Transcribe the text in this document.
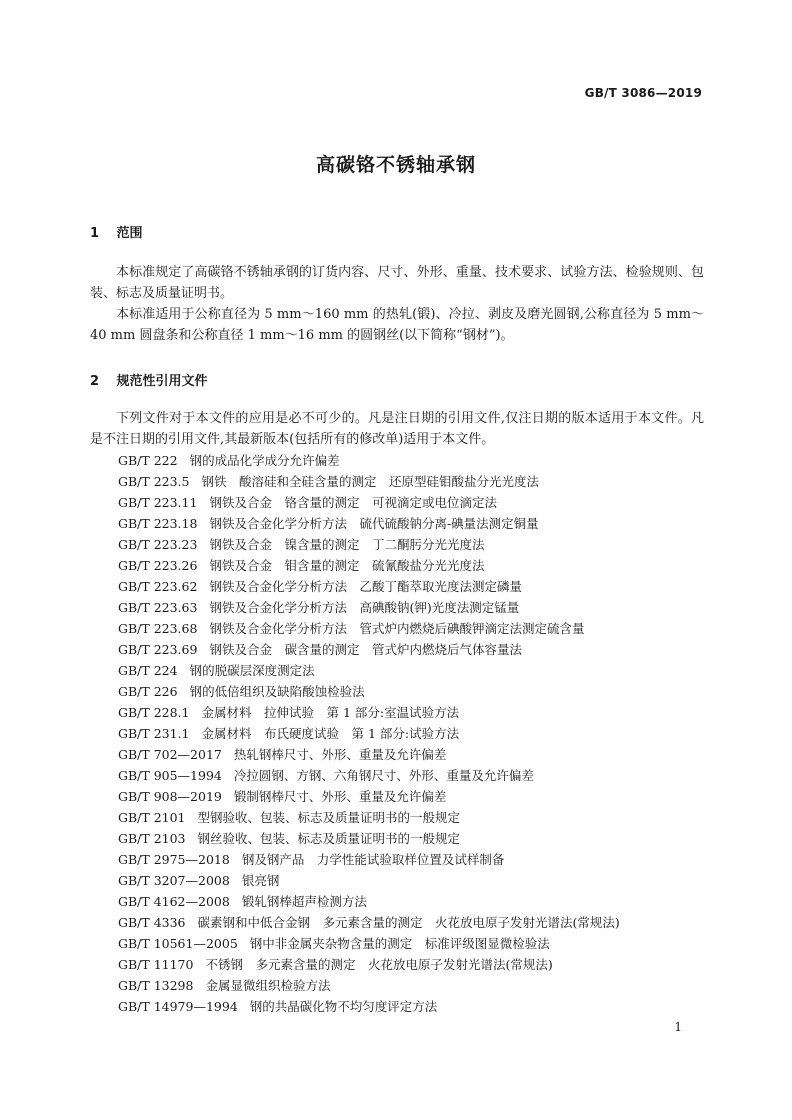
GB/T 3086—2019
高碳铬不锈轴承钢
1 范围

本标准规定了高碳铬不锈轴承钢的订货内容、尺寸、外形、重量、技术要求、试验方法、检验规则、包装、标志及质量证明书。

本标准适用于公称直径为 5 mm～160 mm 的热轧(锻)、冷拉、剥皮及磨光圆钢,公称直径为 5 mm～40 mm 圆盘条和公称直径 1 mm～16 mm 的圆钢丝(以下简称“钢材”)。

2 规范性引用文件

下列文件对于本文件的应用是必不可少的。凡是注日期的引用文件,仅注日期的版本适用于本文件。凡是不注日期的引用文件,其最新版本(包括所有的修改单)适用于本文件。

GB/T 222 钢的成品化学成分允许偏差
GB/T 223.5 钢铁　酸溶硅和全硅含量的测定　还原型硅钼酸盐分光光度法
GB/T 223.11 钢铁及合金　铬含量的测定　可视滴定或电位滴定法
GB/T 223.18 钢铁及合金化学分析方法　硫代硫酸钠分离-碘量法测定铜量
GB/T 223.23 钢铁及合金　镍含量的测定　丁二酮肟分光光度法
GB/T 223.26 钢铁及合金　钼含量的测定　硫氰酸盐分光光度法
GB/T 223.62 钢铁及合金化学分析方法　乙酸丁酯萃取光度法测定磷量
GB/T 223.63 钢铁及合金化学分析方法　高碘酸钠(钾)光度法测定锰量
GB/T 223.68 钢铁及合金化学分析方法　管式炉内燃烧后碘酸钾滴定法测定硫含量
GB/T 223.69 钢铁及合金　碳含量的测定　管式炉内燃烧后气体容量法
GB/T 224 钢的脱碳层深度测定法
GB/T 226 钢的低倍组织及缺陷酸蚀检验法
GB/T 228.1 金属材料　拉伸试验　第 1 部分:室温试验方法
GB/T 231.1 金属材料　布氏硬度试验　第 1 部分:试验方法
GB/T 702—2017 热轧钢棒尺寸、外形、重量及允许偏差
GB/T 905—1994 冷拉圆钢、方钢、六角钢尺寸、外形、重量及允许偏差
GB/T 908—2019 锻制钢棒尺寸、外形、重量及允许偏差
GB/T 2101 型钢验收、包装、标志及质量证明书的一般规定
GB/T 2103 钢丝验收、包装、标志及质量证明书的一般规定
GB/T 2975—2018 钢及钢产品　力学性能试验取样位置及试样制备
GB/T 3207—2008 银亮钢
GB/T 4162—2008 锻轧钢棒超声检测方法
GB/T 4336 碳素钢和中低合金钢　多元素含量的测定　火花放电原子发射光谱法(常规法)
GB/T 10561—2005 钢中非金属夹杂物含量的测定　标准评级图显微检验法
GB/T 11170 不锈钢　多元素含量的测定　火花放电原子发射光谱法(常规法)
GB/T 13298 金属显微组织检验方法
GB/T 14979—1994 钢的共晶碳化物不均匀度评定方法
1
